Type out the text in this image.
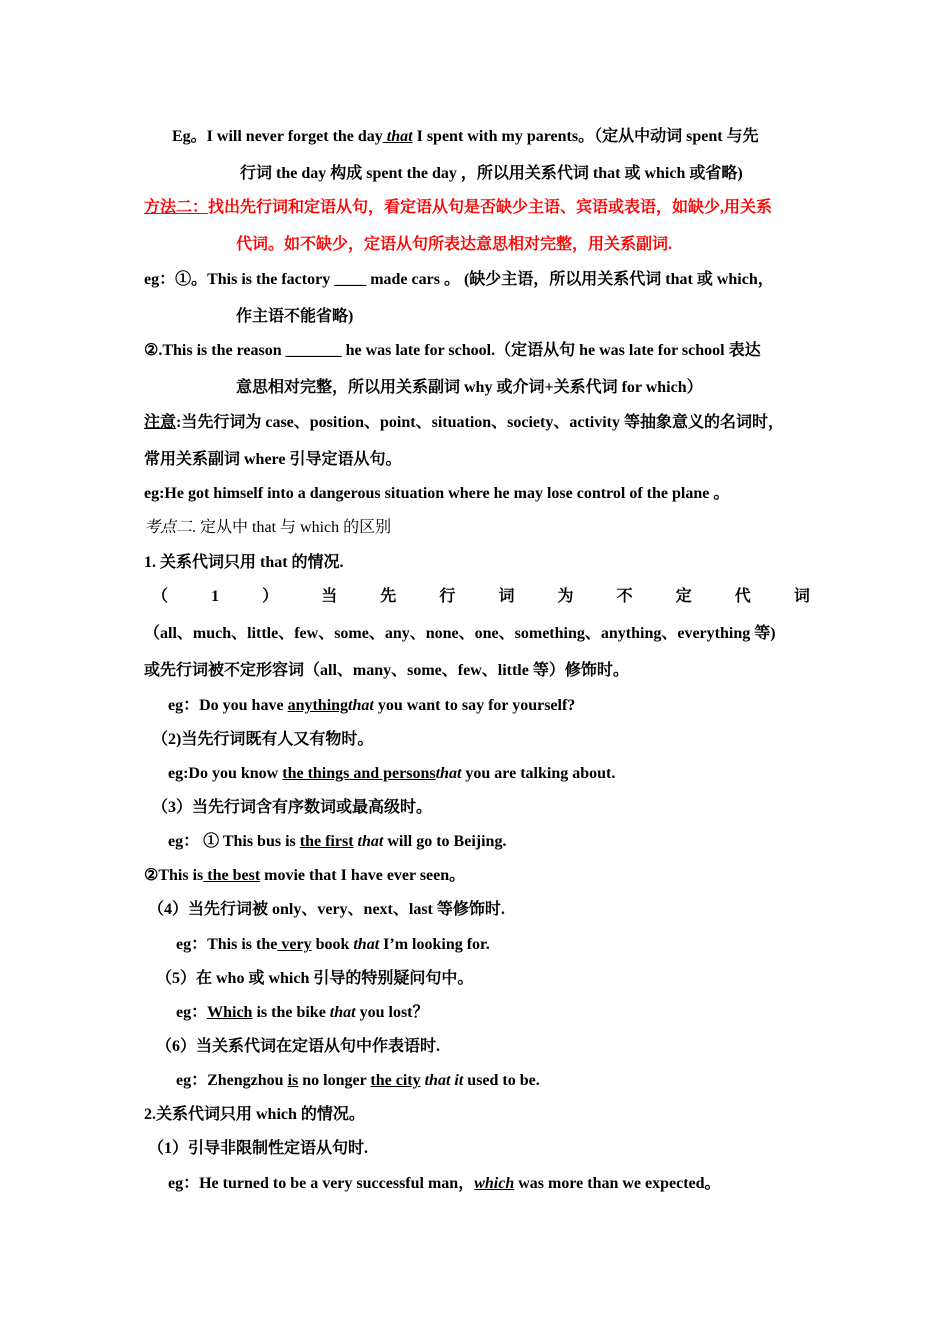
Eg。I will never forget the day that I spent with my parents。（定从中动词 spent 与先
行词 the day 构成 spent the day ，所以用关系代词 that 或 which 或省略)
方法二：找出先行词和定语从句，看定语从句是否缺少主语、宾语或表语，如缺少,用关系
代词。如不缺少，定语从句所表达意思相对完整，用关系副词.
eg：①。This is the factory ____ made cars 。 (缺少主语，所以用关系代词 that 或 which，
作主语不能省略)
②.This is the reason _______ he was late for school.（定语从句 he was late for school 表达
意思相对完整，所以用关系副词 why 或介词+关系代词 for which）
注意:当先行词为 case、position、point、situation、society、activity 等抽象意义的名词时，
常用关系副词 where 引导定语从句。
eg:He got himself into a dangerous situation where he may lose control of the plane 。
考点二. 定从中 that 与 which 的区别
1. 关系代词只用 that 的情况.
（	1	）	当	先	行	词	为	不	定	代	词
（all、much、little、few、some、any、none、one、something、anything、everything 等)
或先行词被不定形容词（all、many、some、few、little 等）修饰时。
eg：Do you have anythingthat you want to say for yourself?
（2)当先行词既有人又有物时。
eg:Do you know the things and personsthat you are talking about.
（3）当先行词含有序数词或最高级时。
eg： ① This bus is the first that will go to Beijing.
②This is the best movie that I have ever seen。
（4）当先行词被 only、very、next、last 等修饰时.
eg：This is the very book that I’m looking for.
（5）在 who 或 which 引导的特别疑问句中。
eg：Which is the bike that you lost？
（6）当关系代词在定语从句中作表语时.
eg：Zhengzhou is no longer the city that it used to be.
2.关系代词只用 which 的情况。
（1）引导非限制性定语从句时.
eg：He turned to be a very successful man，which was more than we expected。
